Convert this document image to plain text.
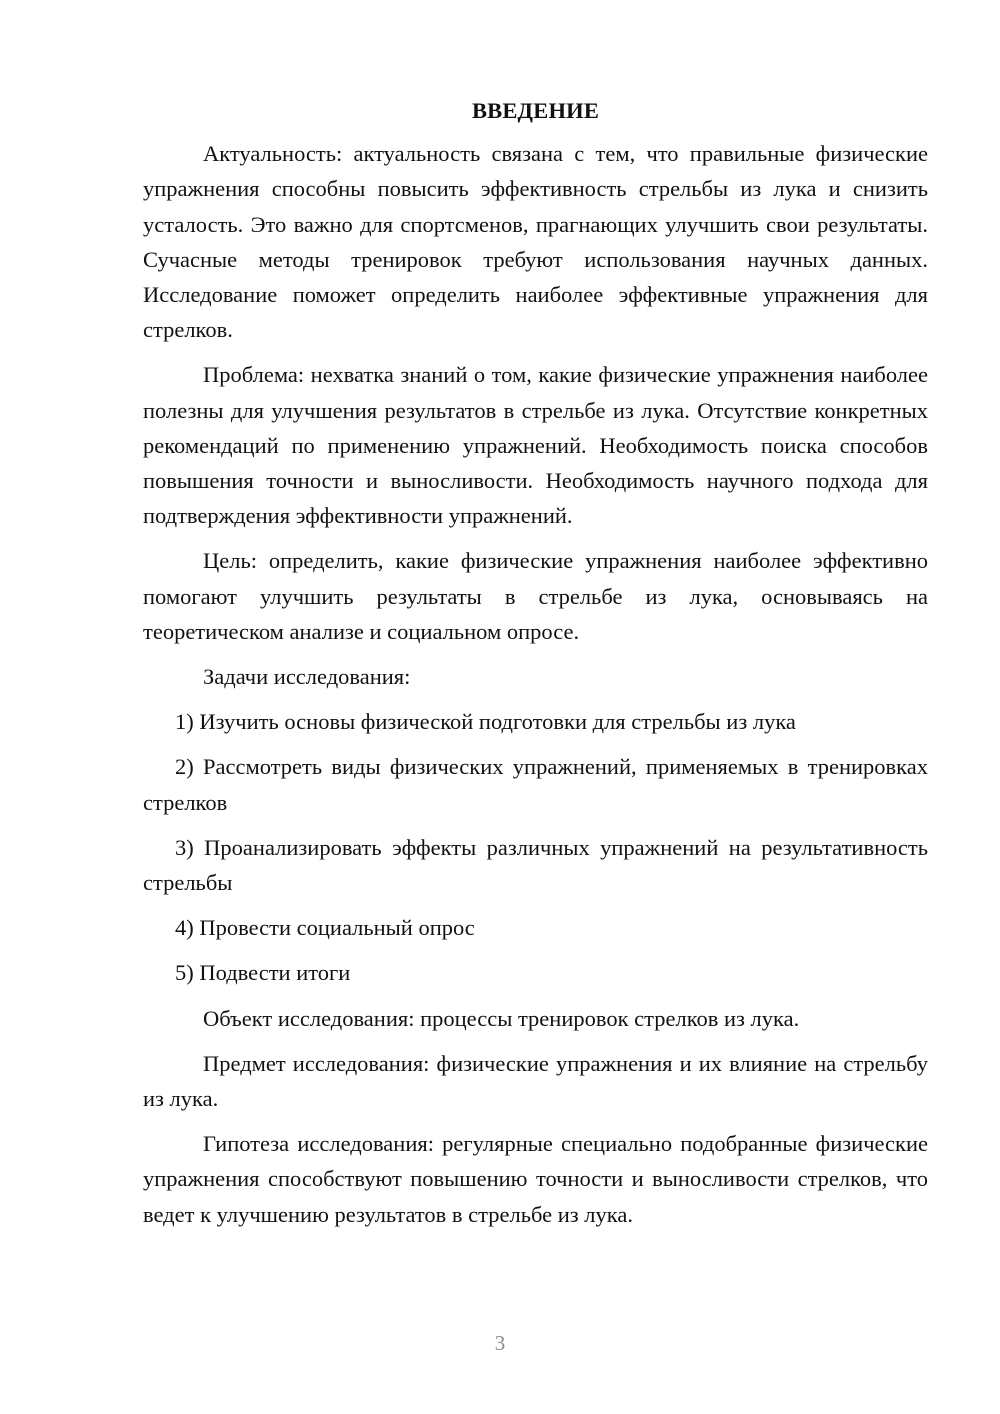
ВВЕДЕНИЕ
Актуальность: актуальность связана с тем, что правильные физические упражнения способны повысить эффективность стрельбы из лука и снизить усталость. Это важно для спортсменов, прагнающих улучшить свои результаты. Сучасные методы тренировок требуют использования научных данных. Исследование поможет определить наиболее эффективные упражнения для стрелков.
Проблема: нехватка знаний о том, какие физические упражнения наиболее полезны для улучшения результатов в стрельбе из лука. Отсутствие конкретных рекомендаций по применению упражнений. Необходимость поиска способов повышения точности и выносливости. Необходимость научного подхода для подтверждения эффективности упражнений.
Цель: определить, какие физические упражнения наиболее эффективно помогают улучшить результаты в стрельбе из лука, основываясь на теоретическом анализе и социальном опросе.
Задачи исследования:
1) Изучить основы физической подготовки для стрельбы из лука
2) Рассмотреть виды физических упражнений, применяемых в тренировках стрелков
3) Проанализировать эффекты различных упражнений на результативность стрельбы
4) Провести социальный опрос
5) Подвести итоги
Объект исследования: процессы тренировок стрелков из лука.
Предмет исследования: физические упражнения и их влияние на стрельбу из лука.
Гипотеза исследования: регулярные специально подобранные физические упражнения способствуют повышению точности и выносливости стрелков, что ведет к улучшению результатов в стрельбе из лука.
3
